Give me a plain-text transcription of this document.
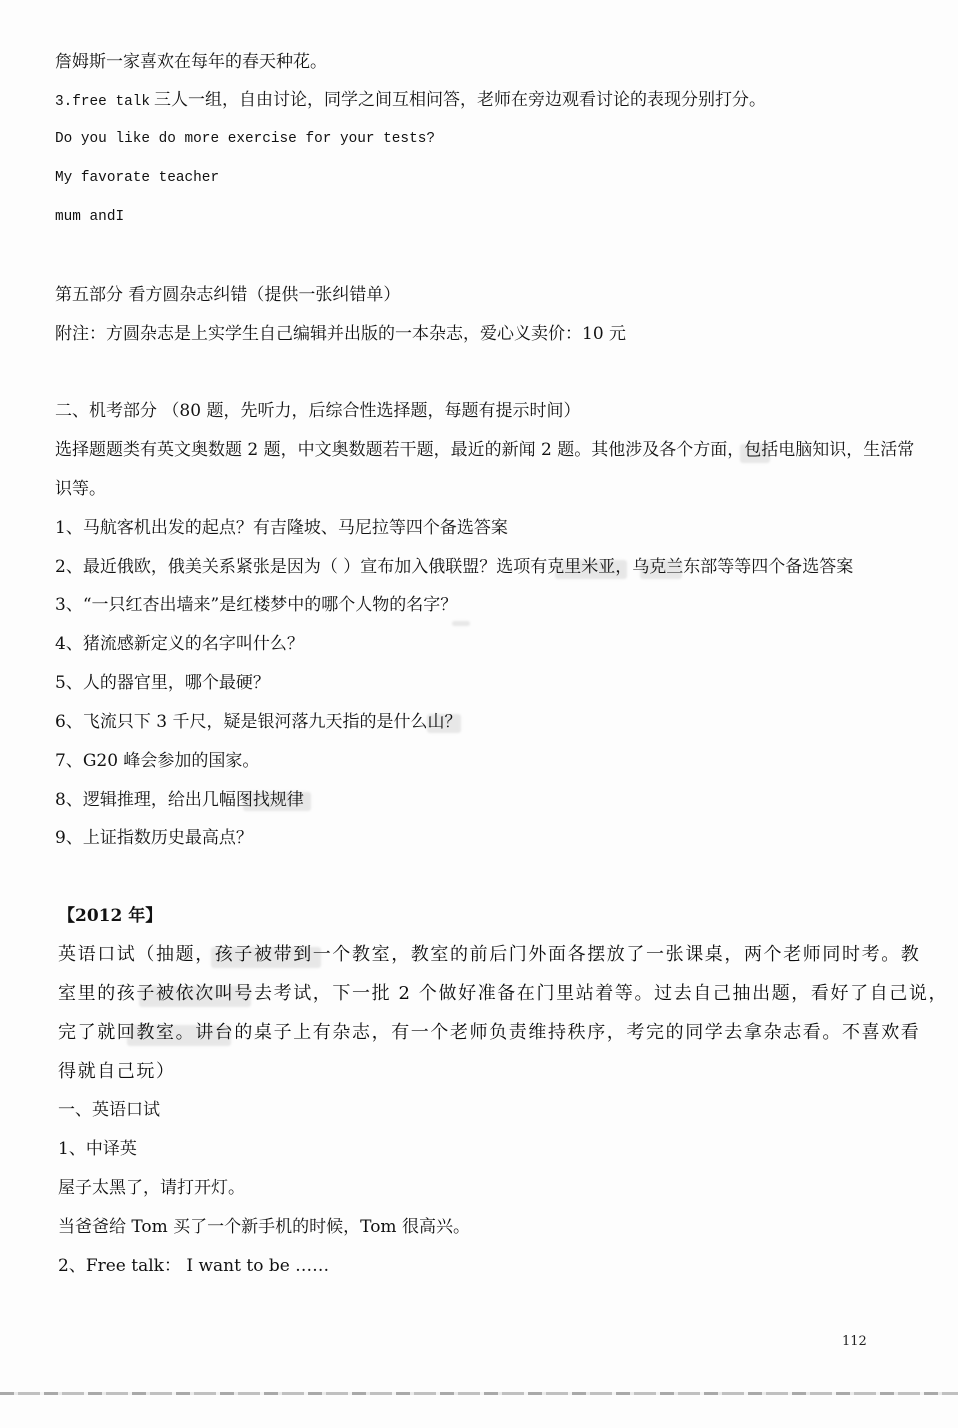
詹姆斯一家喜欢在每年的春天种花。
3.free talk 三人一组，自由讨论，同学之间互相问答，老师在旁边观看讨论的表现分别打分。
Do you like do more exercise for your tests?
My favorate teacher
mum andI
第五部分 看方圆杂志纠错（提供一张纠错单）
附注：方圆杂志是上实学生自己编辑并出版的一本杂志，爱心义卖价：10 元
二、机考部分 （80 题，先听力，后综合性选择题，每题有提示时间）
选择题题类有英文奥数题 2 题，中文奥数题若干题，最近的新闻 2 题。其他涉及各个方面，包括电脑知识，生活常
识等。
1、马航客机出发的起点？有吉隆坡、马尼拉等四个备选答案
2、最近俄欧，俄美关系紧张是因为（ ）宣布加入俄联盟？选项有克里米亚，乌克兰东部等等四个备选答案
3、“一只红杏出墙来”是红楼梦中的哪个人物的名字？
4、猪流感新定义的名字叫什么？
5、人的器官里，哪个最硬？
6、飞流只下 3 千尺，疑是银河落九天指的是什么山？
7、G20 峰会参加的国家。
8、逻辑推理，给出几幅图找规律
9、上证指数历史最高点？
【2012 年】
英语口试（抽题，孩子被带到一个教室，教室的前后门外面各摆放了一张课桌，两个老师同时考。教
室里的孩子被依次叫号去考试，下一批 2 个做好准备在门里站着等。过去自己抽出题，看好了自己说，
完了就回教室。讲台的桌子上有杂志，有一个老师负责维持秩序，考完的同学去拿杂志看。不喜欢看
得就自己玩）
一、英语口试
1、中译英
屋子太黑了，请打开灯。
当爸爸给 Tom 买了一个新手机的时候，Tom 很高兴。
2、Free talk： I want to be ……
112
